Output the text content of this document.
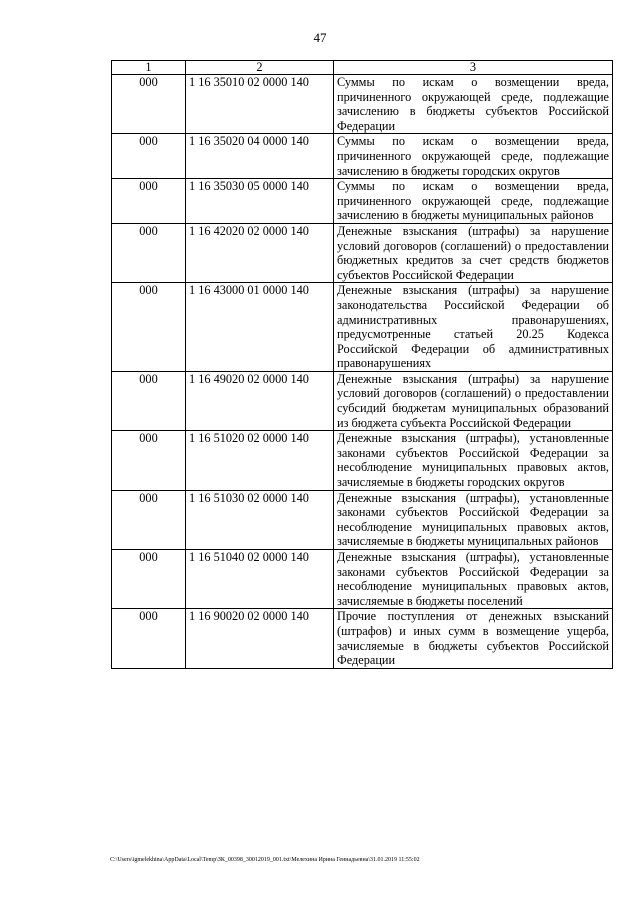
47
1	2	3
000	1 16 35010 02 0000 140	Суммы по искам о возмещении вреда, причиненного окружающей среде, подлежащие зачислению в бюджеты субъектов Российской Федерации
000	1 16 35020 04 0000 140	Суммы по искам о возмещении вреда, причиненного окружающей среде, подлежащие зачислению в бюджеты городских округов
000	1 16 35030 05 0000 140	Суммы по искам о возмещении вреда, причиненного окружающей среде, подлежащие зачислению в бюджеты муниципальных районов
000	1 16 42020 02 0000 140	Денежные взыскания (штрафы) за нарушение условий договоров (соглашений) о предоставлении бюджетных кредитов за счет средств бюджетов субъектов Российской Федерации
000	1 16 43000 01 0000 140	Денежные взыскания (штрафы) за нарушение законодательства Российской Федерации об административных правонарушениях, предусмотренные статьей 20.25 Кодекса Российской Федерации об административных правонарушениях
000	1 16 49020 02 0000 140	Денежные взыскания (штрафы) за нарушение условий договоров (соглашений) о предоставлении субсидий бюджетам муниципальных образований из бюджета субъекта Российской Федерации
000	1 16 51020 02 0000 140	Денежные взыскания (штрафы), установленные законами субъектов Российской Федерации за несоблюдение муниципальных правовых актов, зачисляемые в бюджеты городских округов
000	1 16 51030 02 0000 140	Денежные взыскания (штрафы), установленные законами субъектов Российской Федерации за несоблюдение муниципальных правовых актов, зачисляемые в бюджеты муниципальных районов
000	1 16 51040 02 0000 140	Денежные взыскания (штрафы), установленные законами субъектов Российской Федерации за несоблюдение муниципальных правовых актов, зачисляемые в бюджеты поселений
000	1 16 90020 02 0000 140	Прочие поступления от денежных взысканий (штрафов) и иных сумм в возмещение ущерба, зачисляемые в бюджеты субъектов Российской Федерации
C:\Users\igmelekhina\AppData\Local\Temp\ЗК_00398_30012019_001.txt\Мелехина Ирина Геннадьевна\31.01.2019 11:55:02
